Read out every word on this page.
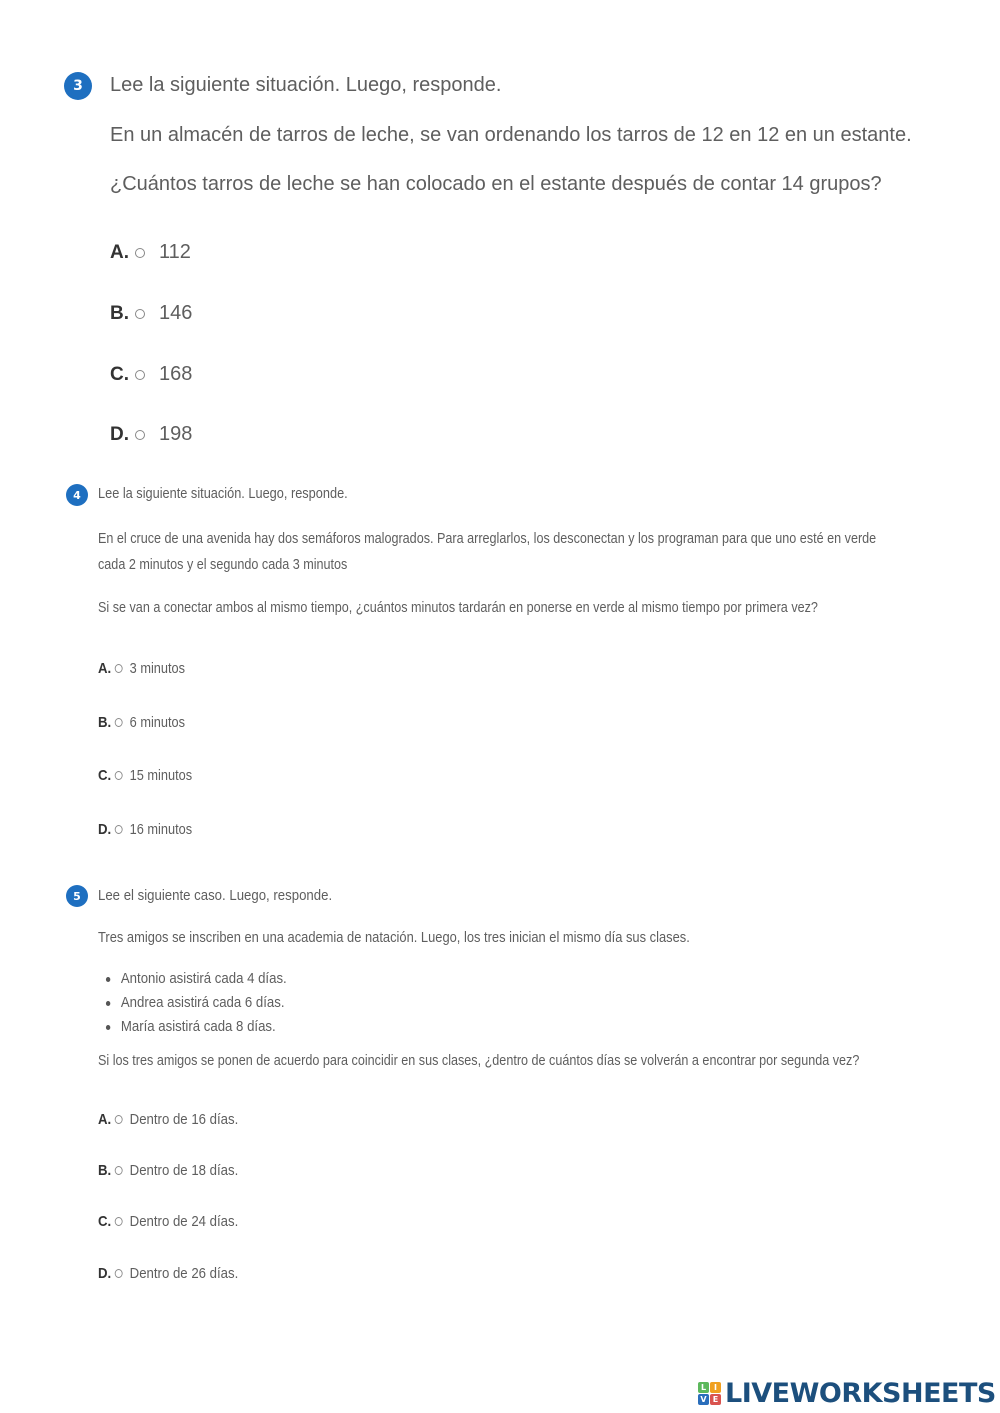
3	Lee la siguiente situación. Luego, responde.
En un almacén de tarros de leche, se van ordenando los tarros de 12 en 12 en un estante.
¿Cuántos tarros de leche se han colocado en el estante después de contar 14 grupos?
A. 112
B. 146
C. 168
D. 198
4	Lee la siguiente situación. Luego, responde.
En el cruce de una avenida hay dos semáforos malogrados. Para arreglarlos, los desconectan y los programan para que uno esté en verde
cada 2 minutos y el segundo cada 3 minutos
Si se van a conectar ambos al mismo tiempo, ¿cuántos minutos tardarán en ponerse en verde al mismo tiempo por primera vez?
A. 3 minutos
B. 6 minutos
C. 15 minutos
D. 16 minutos
5	Lee el siguiente caso. Luego, responde.
Tres amigos se inscriben en una academia de natación. Luego, los tres inician el mismo día sus clases.
Antonio asistirá cada 4 días.
Andrea asistirá cada 6 días.
María asistirá cada 8 días.
Si los tres amigos se ponen de acuerdo para coincidir en sus clases, ¿dentro de cuántos días se volverán a encontrar por segunda vez?
A. Dentro de 16 días.
B. Dentro de 18 días.
C. Dentro de 24 días.
D. Dentro de 26 días.
L I
V E LIVEWORKSHEETS
